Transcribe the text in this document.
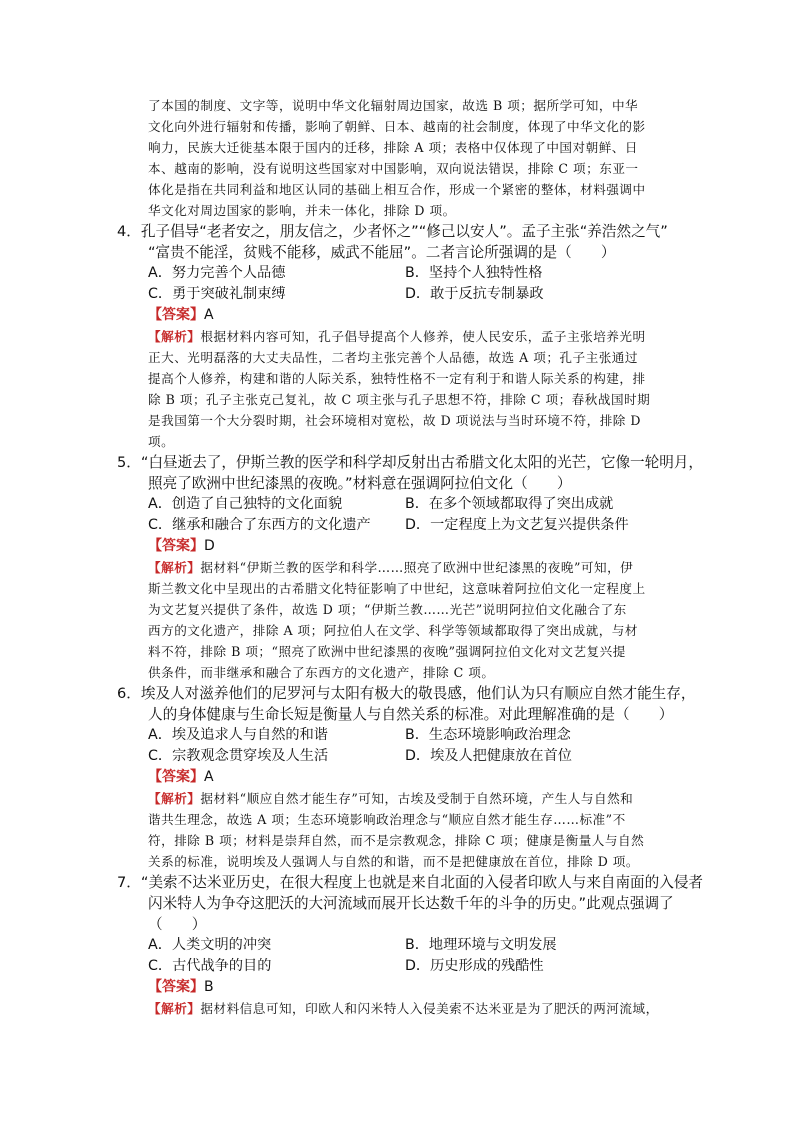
了本国的制度、文字等，说明中华文化辐射周边国家，故选 B 项；据所学可知，中华
文化向外进行辐射和传播，影响了朝鲜、日本、越南的社会制度，体现了中华文化的影
响力，民族大迁徙基本限于国内的迁移，排除 A 项；表格中仅体现了中国对朝鲜、日
本、越南的影响，没有说明这些国家对中国影响，双向说法错误，排除 C 项；东亚一
体化是指在共同利益和地区认同的基础上相互合作，形成一个紧密的整体，材料强调中
华文化对周边国家的影响，并未一体化，排除 D 项。
4．孔子倡导“老者安之，朋友信之，少者怀之”“修己以安人”。孟子主张“养浩然之气”
“富贵不能淫，贫贱不能移，威武不能屈”。二者言论所强调的是（　　）
A．努力完善个人品德	B．坚持个人独特性格
C．勇于突破礼制束缚	D．敢于反抗专制暴政
【答案】A
【解析】根据材料内容可知，孔子倡导提高个人修养，使人民安乐，孟子主张培养光明
正大、光明磊落的大丈夫品性，二者均主张完善个人品德，故选 A 项；孔子主张通过
提高个人修养，构建和谐的人际关系，独特性格不一定有利于和谐人际关系的构建，排
除 B 项；孔子主张克己复礼，故 C 项主张与孔子思想不符，排除 C 项；春秋战国时期
是我国第一个大分裂时期，社会环境相对宽松，故 D 项说法与当时环境不符，排除 D
项。
5．“白昼逝去了，伊斯兰教的医学和科学却反射出古希腊文化太阳的光芒，它像一轮明月，
照亮了欧洲中世纪漆黑的夜晚。”材料意在强调阿拉伯文化（　　）
A．创造了自己独特的文化面貌	B．在多个领域都取得了突出成就
C．继承和融合了东西方的文化遗产 D．一定程度上为文艺复兴提供条件
【答案】D
【解析】据材料“伊斯兰教的医学和科学……照亮了欧洲中世纪漆黑的夜晚”可知，伊
斯兰教文化中呈现出的古希腊文化特征影响了中世纪，这意味着阿拉伯文化一定程度上
为文艺复兴提供了条件，故选 D 项；“伊斯兰教……光芒”说明阿拉伯文化融合了东
西方的文化遗产，排除 A 项；阿拉伯人在文学、科学等领域都取得了突出成就，与材
料不符，排除 B 项；“照亮了欧洲中世纪漆黑的夜晚”强调阿拉伯文化对文艺复兴提
供条件，而非继承和融合了东西方的文化遗产，排除 C 项。
6．埃及人对滋养他们的尼罗河与太阳有极大的敬畏感，他们认为只有顺应自然才能生存，
人的身体健康与生命长短是衡量人与自然关系的标准。对此理解准确的是（　　）
A．埃及追求人与自然的和谐	B．生态环境影响政治理念
C．宗教观念贯穿埃及人生活	D．埃及人把健康放在首位
【答案】A
【解析】据材料“顺应自然才能生存”可知，古埃及受制于自然环境，产生人与自然和
谐共生理念，故选 A 项；生态环境影响政治理念与“顺应自然才能生存……标准”不
符，排除 B 项；材料是崇拜自然，而不是宗教观念，排除 C 项；健康是衡量人与自然
关系的标准，说明埃及人强调人与自然的和谐，而不是把健康放在首位，排除 D 项。
7．“美索不达米亚历史，在很大程度上也就是来自北面的入侵者印欧人与来自南面的入侵者
闪米特人为争夺这肥沃的大河流域而展开长达数千年的斗争的历史。”此观点强调了
（　　）
A．人类文明的冲突	B．地理环境与文明发展
C．古代战争的目的	D．历史形成的残酷性
【答案】B
【解析】据材料信息可知，印欧人和闪米特人入侵美索不达米亚是为了肥沃的两河流域，
